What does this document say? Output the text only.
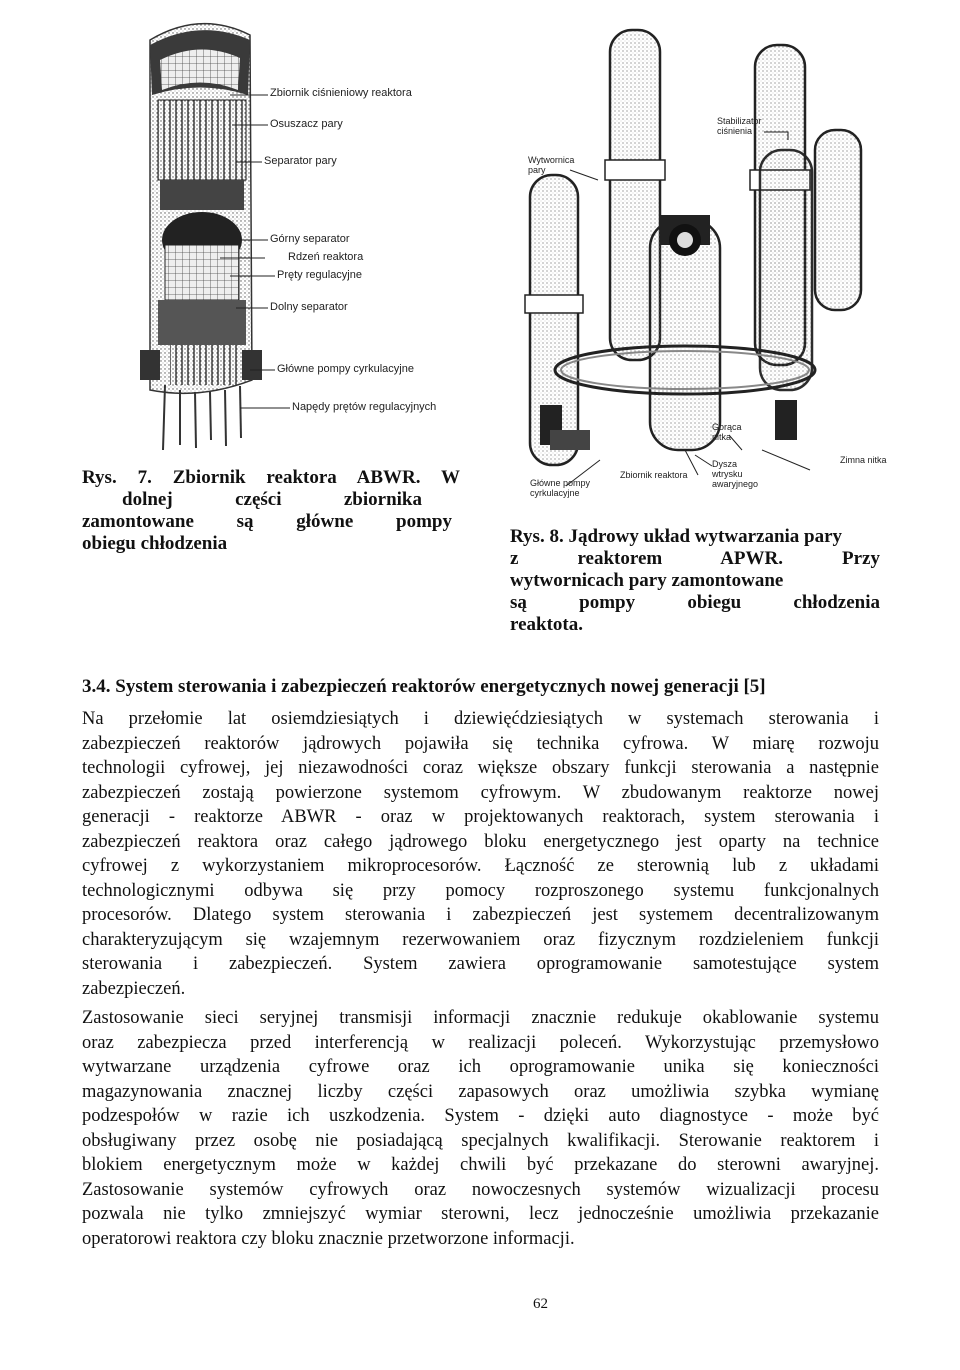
Zbiornik ciśnieniowy reaktora
Osuszacz pary
Separator pary
Górny separator
Rdzeń reaktora
Pręty regulacyjne
Dolny separator
Główne pompy cyrkulacyjne
Napędy prętów regulacyjnych
Rys. 7. Zbiornik reaktora ABWR. W
dolnej części zbiornika
zamontowane są główne pompy
obiegu chłodzenia
Wytwornica
pary
Stabilizator
ciśnienia
Gorąca
nitka
Zimna nitka
Główne pompy
cyrkulacyjne
Zbiornik reaktora
Dysza
wtrysku
awaryjnego
Rys. 8. Jądrowy układ wytwarzania pary
z reaktorem APWR. Przy
wytwornicach pary zamontowane
są pompy obiegu chłodzenia
reaktota.
3.4. System sterowania i zabezpieczeń reaktorów energetycznych nowej generacji [5]
Na przełomie lat osiemdziesiątych i dziewięćdziesiątych w systemach sterowania i
zabezpieczeń reaktorów jądrowych pojawiła się technika cyfrowa. W miarę rozwoju
technologii cyfrowej, jej niezawodności coraz większe obszary funkcji sterowania a następnie
zabezpieczeń zostają powierzone systemom cyfrowym. W zbudowanym reaktorze nowej
generacji - reaktorze ABWR - oraz w projektowanych reaktorach, system sterowania i
zabezpieczeń reaktora oraz całego jądrowego bloku energetycznego jest oparty na technice
cyfrowej z wykorzystaniem mikroprocesorów. Łączność ze sterownią lub z układami
technologicznymi odbywa się przy pomocy rozproszonego systemu funkcjonalnych
procesorów. Dlatego system sterowania i zabezpieczeń jest systemem decentralizowanym
charakteryzującym się wzajemnym rezerwowaniem oraz fizycznym rozdzieleniem funkcji
sterowania i zabezpieczeń. System zawiera oprogramowanie samotestujące system
zabezpieczeń.
Zastosowanie sieci seryjnej transmisji informacji znacznie redukuje okablowanie systemu
oraz zabezpiecza przed interferencją w realizacji poleceń. Wykorzystując przemysłowo
wytwarzane urządzenia cyfrowe oraz ich oprogramowanie unika się konieczności
magazynowania znacznej liczby części zapasowych oraz umożliwia szybka wymianę
podzespołów w razie ich uszkodzenia. System - dzięki auto diagnostyce - może być
obsługiwany przez osobę nie posiadającą specjalnych kwalifikacji. Sterowanie reaktorem i
blokiem energetycznym może w każdej chwili być przekazane do sterowni awaryjnej.
Zastosowanie systemów cyfrowych oraz nowoczesnych systemów wizualizacji procesu
pozwala nie tylko zmniejszyć wymiar sterowni, lecz jednocześnie umożliwia przekazanie
operatorowi reaktora czy bloku znacznie przetworzone informacji.
62
